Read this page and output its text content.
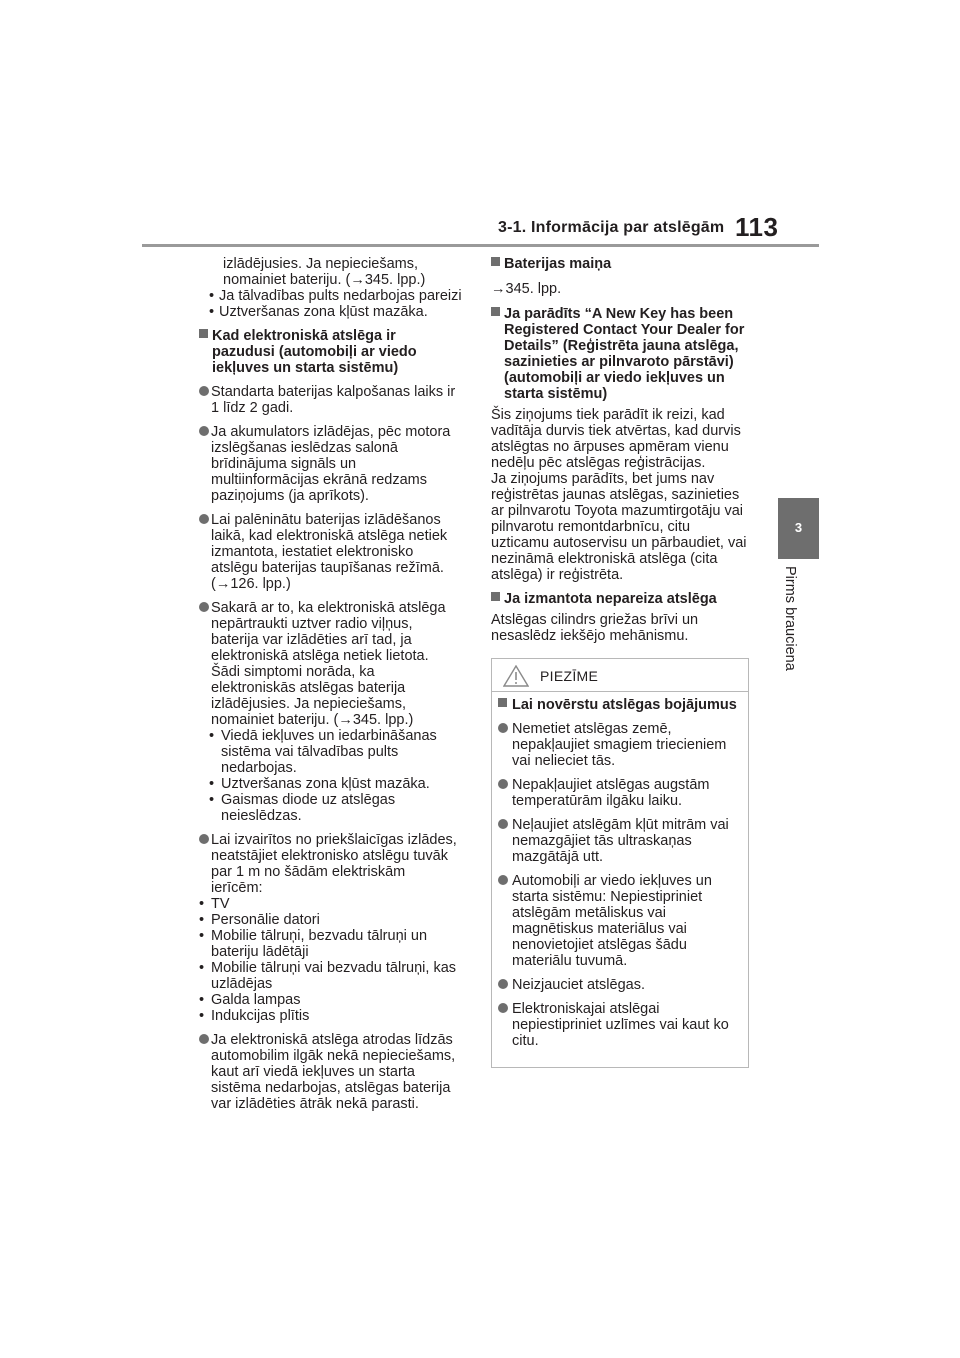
3-1. Informācija par atslēgām 113
3
Pirms brauciena
izlādējusies. Ja nepieciešams,
nomainiet bateriju. (→345. lpp.)
• Ja tālvadības pults nedarbojas pareizi
• Uztveršanas zona kļūst mazāka.
Kad elektroniskā atslēga ir
pazudusi (automobiļi ar viedo
iekļuves un starta sistēmu)
Standarta baterijas kalpošanas laiks ir
1 līdz 2 gadi.
Ja akumulators izlādējas, pēc motora
izslēgšanas ieslēdzas salonā
brīdinājuma signāls un
multiinformācijas ekrānā redzams
paziņojums (ja aprīkots).
Lai palēninātu baterijas izlādēšanos
laikā, kad elektroniskā atslēga netiek
izmantota, iestatiet elektronisko
atslēgu baterijas taupīšanas režīmā.
(→126. lpp.)
Sakarā ar to, ka elektroniskā atslēga
nepārtraukti uztver radio viļņus,
baterija var izlādēties arī tad, ja
elektroniskā atslēga netiek lietota.
Šādi simptomi norāda, ka
elektroniskās atslēgas baterija
izlādējusies. Ja nepieciešams,
nomainiet bateriju. (→345. lpp.)
• Viedā iekļuves un iedarbināšanas
sistēma vai tālvadības pults
nedarbojas.
• Uztveršanas zona kļūst mazāka.
• Gaismas diode uz atslēgas
neieslēdzas.
Lai izvairītos no priekšlaicīgas izlādes,
neatstājiet elektronisko atslēgu tuvāk
par 1 m no šādām elektriskām
ierīcēm:
• TV
• Personālie datori
• Mobilie tālruņi, bezvadu tālruņi un
bateriju lādētāji
• Mobilie tālruņi vai bezvadu tālruņi, kas
uzlādējas
• Galda lampas
• Indukcijas plītis
Ja elektroniskā atslēga atrodas līdzās
automobilim ilgāk nekā nepieciešams,
kaut arī viedā iekļuves un starta
sistēma nedarbojas, atslēgas baterija
var izlādēties ātrāk nekā parasti.
Baterijas maiņa
→345. lpp.
Ja parādīts “A New Key has been
Registered Contact Your Dealer for
Details” (Reģistrēta jauna atslēga,
sazinieties ar pilnvaroto pārstāvi)
(automobiļi ar viedo iekļuves un
starta sistēmu)
Šis ziņojums tiek parādīt ik reizi, kad
vadītāja durvis tiek atvērtas, kad durvis
atslēgtas no ārpuses apmēram vienu
nedēļu pēc atslēgas reģistrācijas.
Ja ziņojums parādīts, bet jums nav
reģistrētas jaunas atslēgas, sazinieties
ar pilnvarotu Toyota mazumtirgotāju vai
pilnvarotu remontdarbnīcu, citu
uzticamu autoservisu un pārbaudiet, vai
nezināmā elektroniskā atslēga (cita
atslēga) ir reģistrēta.
Ja izmantota nepareiza atslēga
Atslēgas cilindrs griežas brīvi un
nesaslēdz iekšējo mehānismu.
PIEZĪME
Lai novērstu atslēgas bojājumus
Nemetiet atslēgas zemē,
nepakļaujiet smagiem triecieniem
vai nelieciet tās.
Nepakļaujiet atslēgas augstām
temperatūrām ilgāku laiku.
Neļaujiet atslēgām kļūt mitrām vai
nemazgājiet tās ultraskaņas
mazgātājā utt.
Automobiļi ar viedo iekļuves un
starta sistēmu: Nepiestipriniet
atslēgām metāliskus vai
magnētiskus materiālus vai
nenovietojiet atslēgas šādu
materiālu tuvumā.
Neizjauciet atslēgas.
Elektroniskajai atslēgai
nepiestipriniet uzlīmes vai kaut ko
citu.
